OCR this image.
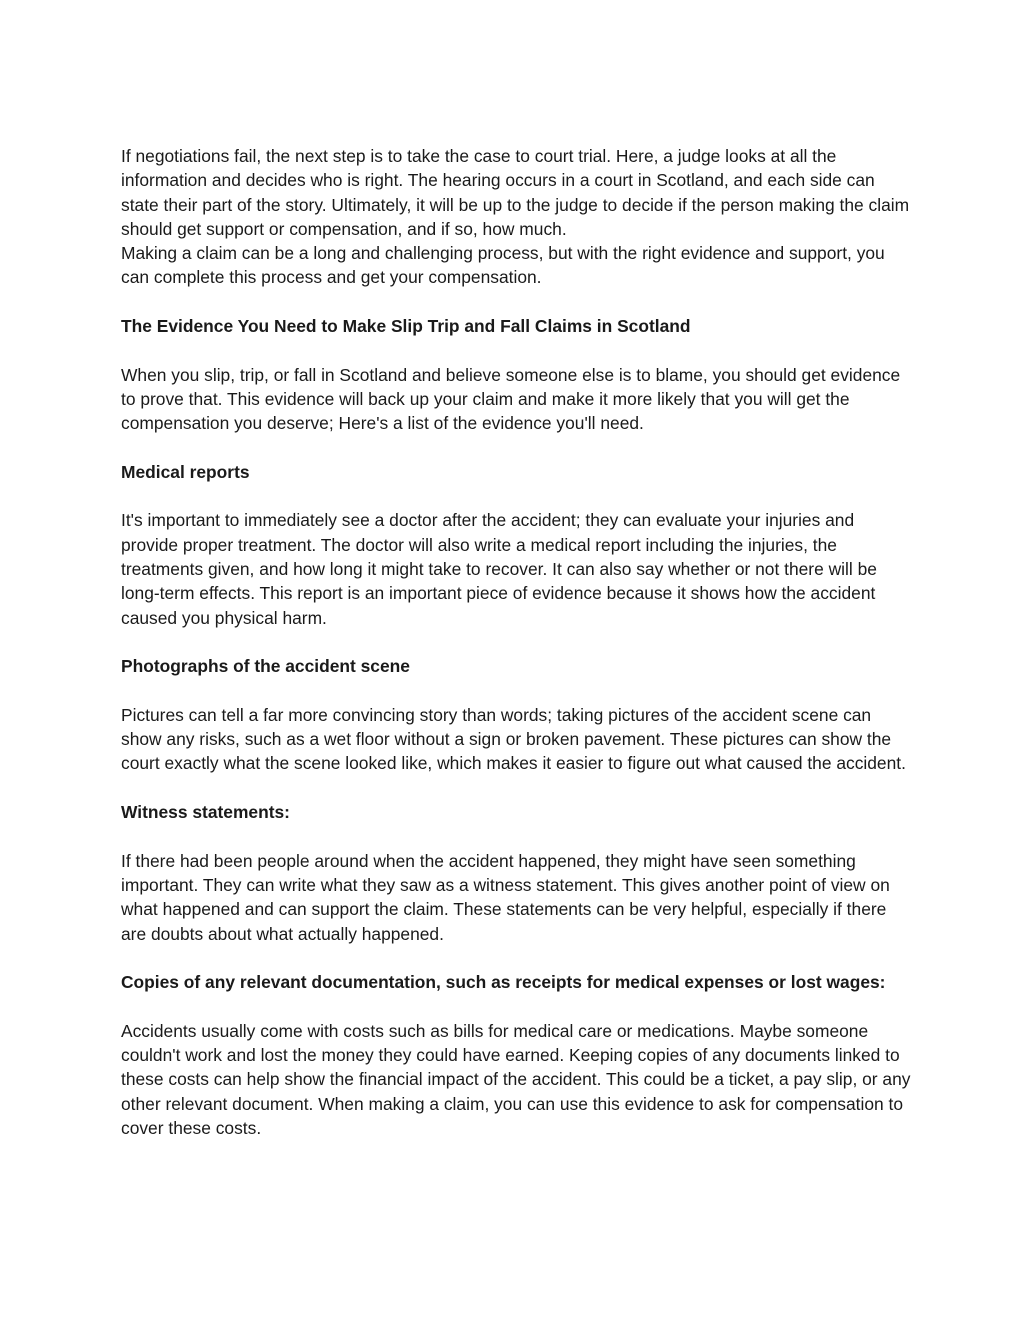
If negotiations fail, the next step is to take the case to court trial. Here, a judge looks at all the information and decides who is right. The hearing occurs in a court in Scotland, and each side can state their part of the story. Ultimately, it will be up to the judge to decide if the person making the claim should get support or compensation, and if so, how much.

Making a claim can be a long and challenging process, but with the right evidence and support, you can complete this process and get your compensation.

The Evidence You Need to Make Slip Trip and Fall Claims in Scotland

When you slip, trip, or fall in Scotland and believe someone else is to blame, you should get evidence to prove that. This evidence will back up your claim and make it more likely that you will get the compensation you deserve; Here's a list of the evidence you'll need.

Medical reports

It's important to immediately see a doctor after the accident; they can evaluate your injuries and provide proper treatment. The doctor will also write a medical report including the injuries, the treatments given, and how long it might take to recover. It can also say whether or not there will be long-term effects. This report is an important piece of evidence because it shows how the accident caused you physical harm.

Photographs of the accident scene

Pictures can tell a far more convincing story than words; taking pictures of the accident scene can show any risks, such as a wet floor without a sign or broken pavement. These pictures can show the court exactly what the scene looked like, which makes it easier to figure out what caused the accident.

Witness statements:

If there had been people around when the accident happened, they might have seen something important. They can write what they saw as a witness statement. This gives another point of view on what happened and can support the claim. These statements can be very helpful, especially if there are doubts about what actually happened.

Copies of any relevant documentation, such as receipts for medical expenses or lost wages:

Accidents usually come with costs such as bills for medical care or medications. Maybe someone couldn't work and lost the money they could have earned. Keeping copies of any documents linked to these costs can help show the financial impact of the accident. This could be a ticket, a pay slip, or any other relevant document. When making a claim, you can use this evidence to ask for compensation to cover these costs.
